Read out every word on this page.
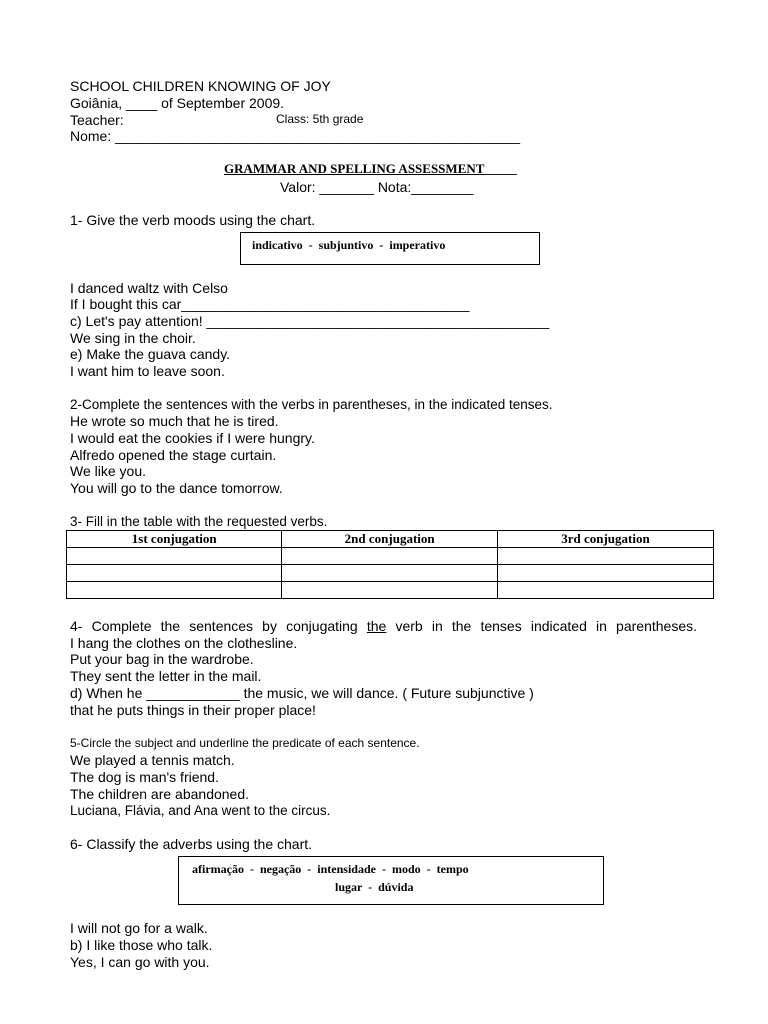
SCHOOL CHILDREN KNOWING OF JOY
Goiânia, ____ of September 2009.
Teacher:	Class: 5th grade
Nome: ____________________________________________________
GRAMMAR AND SPELLING ASSESSMENT_____
Valor: _______ Nota:________
1- Give the verb moods using the chart.
indicativo  -  subjuntivo  -  imperativo
I danced waltz with Celso
If I bought this car_____________________________________
c) Let's pay attention! ____________________________________________
We sing in the choir.
e) Make the guava candy.
I want him to leave soon.
2-Complete the sentences with the verbs in parentheses, in the indicated tenses.
He wrote so much that he is tired.
I would eat the cookies if I were hungry.
Alfredo opened the stage curtain.
We like you.
You will go to the dance tomorrow.
3- Fill in the table with the requested verbs.
1st conjugation	2nd conjugation	3rd conjugation

4- Complete the sentences by conjugating the verb in the tenses indicated in parentheses.
I hang the clothes on the clothesline.
Put your bag in the wardrobe.
They sent the letter in the mail.
d) When he ____________ the music, we will dance. ( Future subjunctive )
that he puts things in their proper place!
5-Circle the subject and underline the predicate of each sentence.
We played a tennis match.
The dog is man's friend.
The children are abandoned.
Luciana, Flávia, and Ana went to the circus.
6- Classify the adverbs using the chart.
afirmação  -  negação  -  intensidade  -  modo  -  tempo
lugar  -  dúvida
I will not go for a walk.
b) I like those who talk.
Yes, I can go with you.
